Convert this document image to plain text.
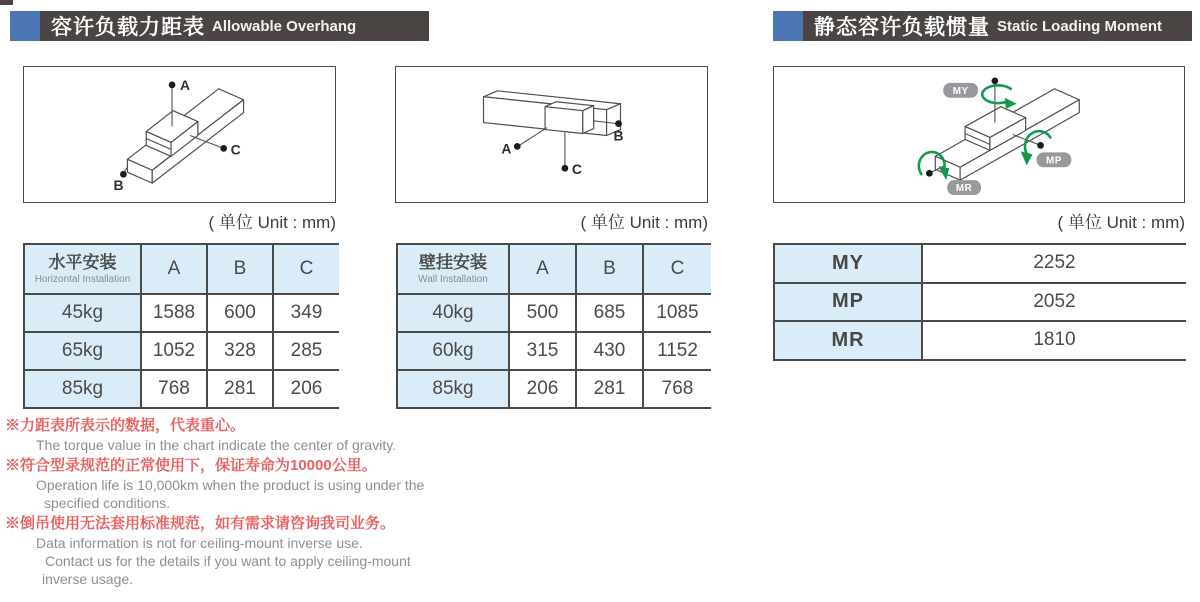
容许负载力距表 Allowable Overhang	静态容许负载惯量 Static Loading Moment
A
C
B
A
C
B
MY
MP
MR
( 单位 Unit : mm)	( 单位 Unit : mm)	( 单位 Unit : mm)
水平安装
Horizontal Installation	A	B	C
45kg	1588	600	349
65kg	1052	328	285
85kg	768	281	206
壁挂安装
Wall Installation	A	B	C
40kg	500	685	1085
60kg	315	430	1152
85kg	206	281	768
MY	2252
MP	2052
MR	1810
※力距表所表示的数据，代表重心。
The torque value in the chart indicate the center of gravity.
※符合型录规范的正常使用下，保证寿命为10000公里。
Operation life is 10,000km when the product is using under the
specified conditions.
※倒吊使用无法套用标准规范，如有需求请咨询我司业务。
Data information is not for ceiling-mount inverse use.
Contact us for the details if you want to apply ceiling-mount
inverse usage.
